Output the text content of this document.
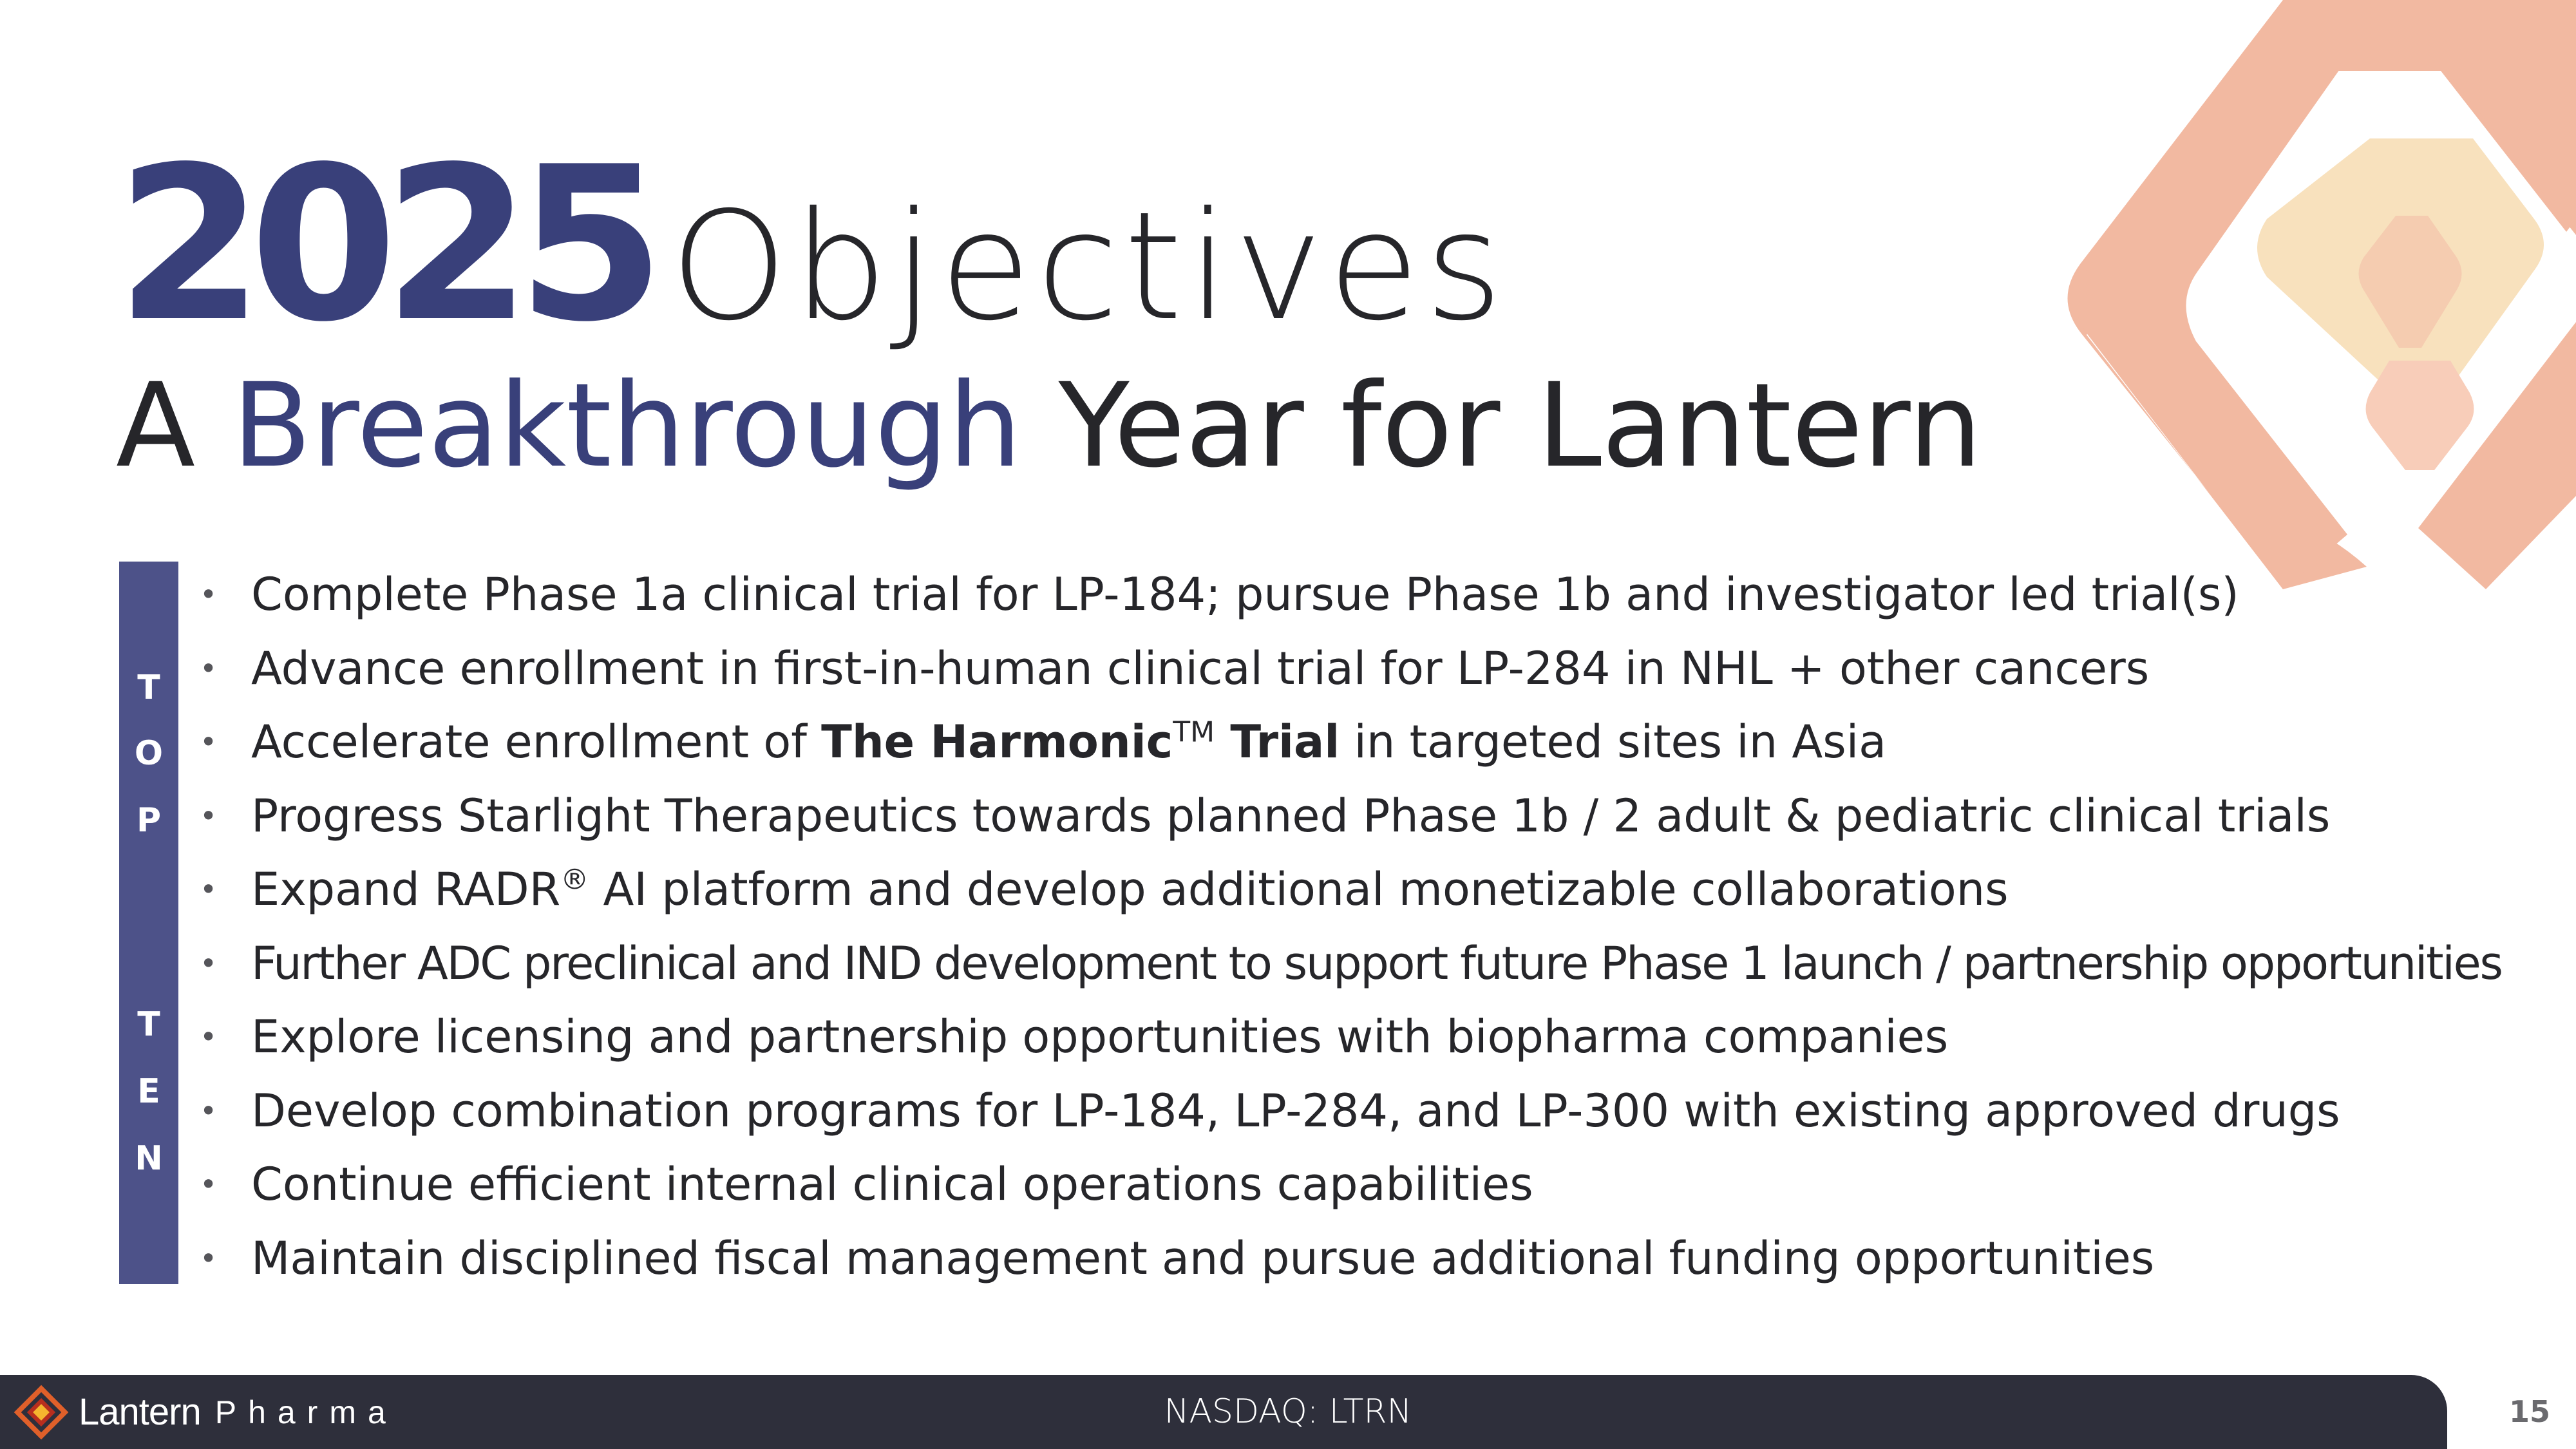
2025 Objectives
A Breakthrough Year for Lantern
T
O
P
T
E
N
• Complete Phase 1a clinical trial for LP-184; pursue Phase 1b and investigator led trial(s)
• Advance enrollment in first-in-human clinical trial for LP-284 in NHL + other cancers
• Accelerate enrollment of The Harmonic™ Trial in targeted sites in Asia
• Progress Starlight Therapeutics towards planned Phase 1b / 2 adult & pediatric clinical trials
• Expand RADR® AI platform and develop additional monetizable collaborations
• Further ADC preclinical and IND development to support future Phase 1 launch / partnership opportunities
• Explore licensing and partnership opportunities with biopharma companies
• Develop combination programs for LP-184, LP-284, and LP-300 with existing approved drugs
• Continue efficient internal clinical operations capabilities
• Maintain disciplined fiscal management and pursue additional funding opportunities
Lantern Pharma	NASDAQ: LTRN	15
